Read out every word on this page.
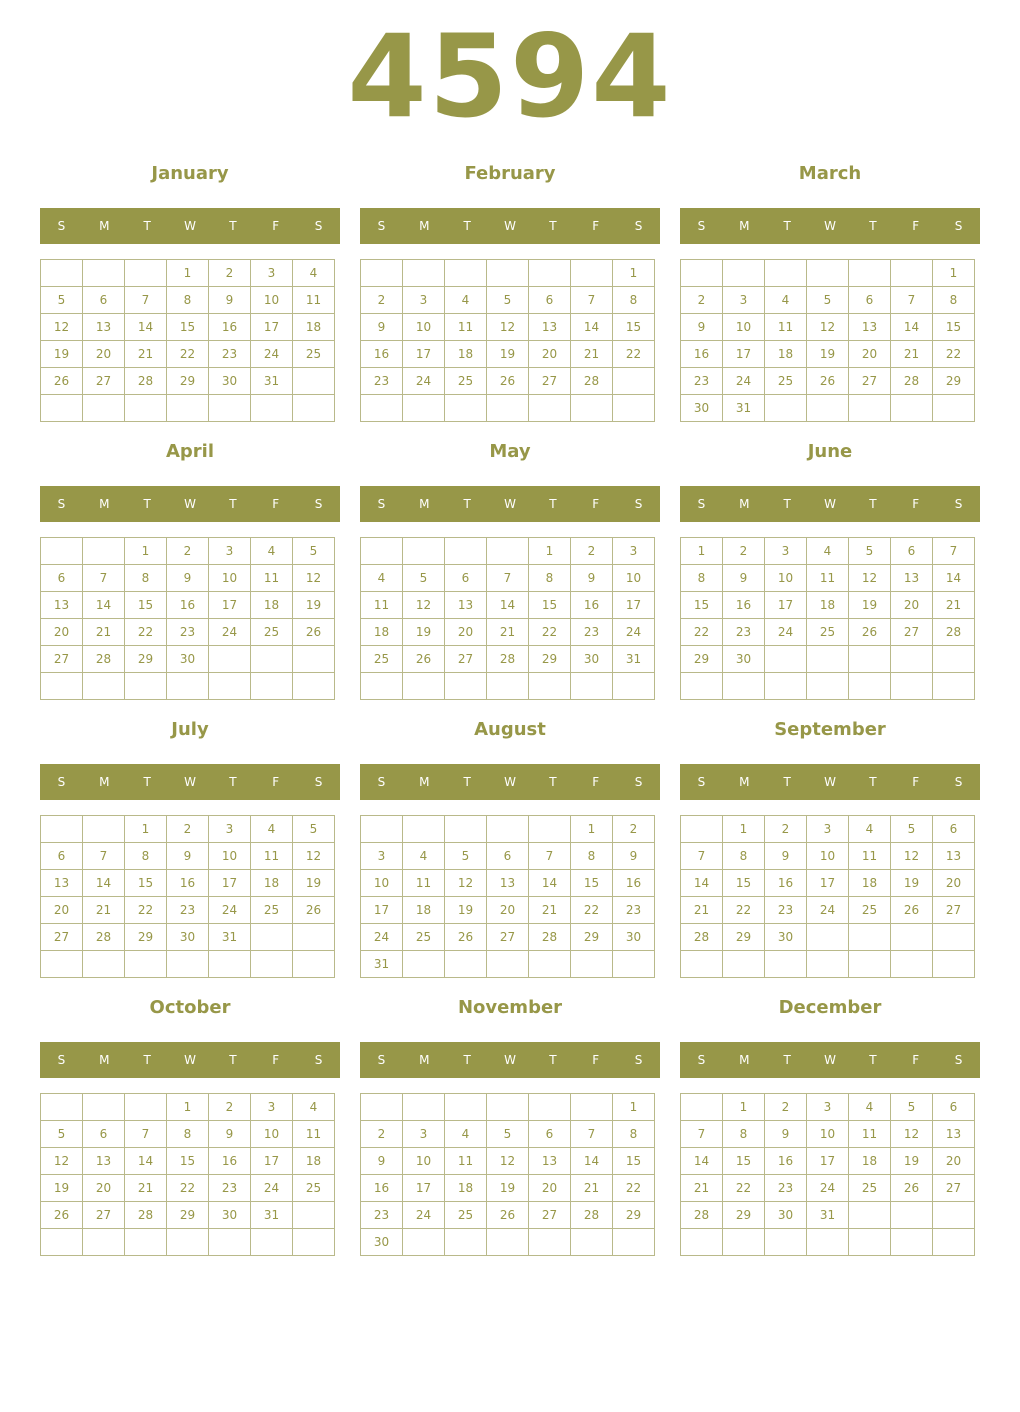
4594
January
S	M	T	W	T	F	S
			1	2	3	4
5	6	7	8	9	10	11
12	13	14	15	16	17	18
19	20	21	22	23	24	25
26	27	28	29	30	31	

February
S	M	T	W	T	F	S
						1
2	3	4	5	6	7	8
9	10	11	12	13	14	15
16	17	18	19	20	21	22
23	24	25	26	27	28	

March
S	M	T	W	T	F	S
						1
2	3	4	5	6	7	8
9	10	11	12	13	14	15
16	17	18	19	20	21	22
23	24	25	26	27	28	29
30	31					
April
S	M	T	W	T	F	S
		1	2	3	4	5
6	7	8	9	10	11	12
13	14	15	16	17	18	19
20	21	22	23	24	25	26
27	28	29	30			

May
S	M	T	W	T	F	S
				1	2	3
4	5	6	7	8	9	10
11	12	13	14	15	16	17
18	19	20	21	22	23	24
25	26	27	28	29	30	31

June
S	M	T	W	T	F	S
1	2	3	4	5	6	7
8	9	10	11	12	13	14
15	16	17	18	19	20	21
22	23	24	25	26	27	28
29	30					

July
S	M	T	W	T	F	S
		1	2	3	4	5
6	7	8	9	10	11	12
13	14	15	16	17	18	19
20	21	22	23	24	25	26
27	28	29	30	31		

August
S	M	T	W	T	F	S
					1	2
3	4	5	6	7	8	9
10	11	12	13	14	15	16
17	18	19	20	21	22	23
24	25	26	27	28	29	30
31						
September
S	M	T	W	T	F	S
	1	2	3	4	5	6
7	8	9	10	11	12	13
14	15	16	17	18	19	20
21	22	23	24	25	26	27
28	29	30				

October
S	M	T	W	T	F	S
			1	2	3	4
5	6	7	8	9	10	11
12	13	14	15	16	17	18
19	20	21	22	23	24	25
26	27	28	29	30	31	

November
S	M	T	W	T	F	S
						1
2	3	4	5	6	7	8
9	10	11	12	13	14	15
16	17	18	19	20	21	22
23	24	25	26	27	28	29
30						
December
S	M	T	W	T	F	S
	1	2	3	4	5	6
7	8	9	10	11	12	13
14	15	16	17	18	19	20
21	22	23	24	25	26	27
28	29	30	31			
